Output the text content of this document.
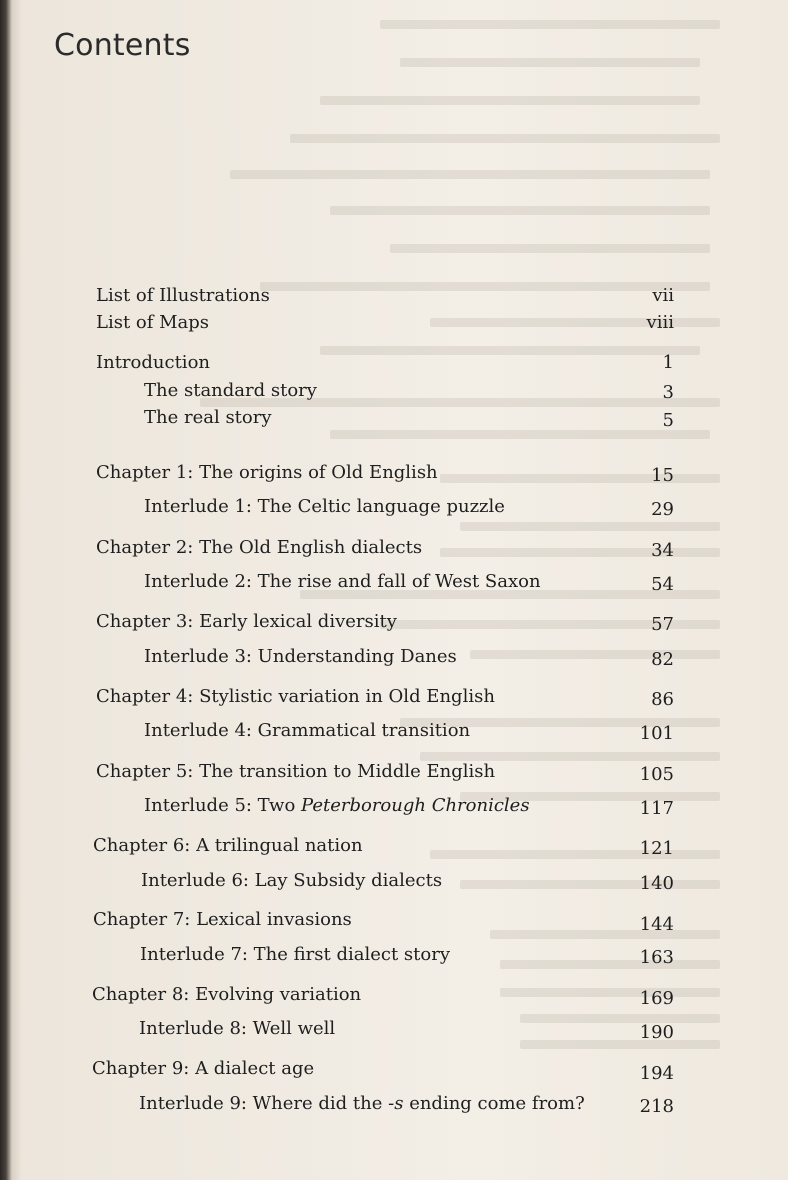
Contents
List of Illustrations	vii
List of Maps	viii
Introduction	1
The standard story	3
The real story	5
Chapter 1: The origins of Old English	15
Interlude 1: The Celtic language puzzle	29
Chapter 2: The Old English dialects	34
Interlude 2: The rise and fall of West Saxon	54
Chapter 3: Early lexical diversity	57
Interlude 3: Understanding Danes	82
Chapter 4: Stylistic variation in Old English	86
Interlude 4: Grammatical transition	101
Chapter 5: The transition to Middle English	105
Interlude 5: Two Peterborough Chronicles	117
Chapter 6: A trilingual nation	121
Interlude 6: Lay Subsidy dialects	140
Chapter 7: Lexical invasions	144
Interlude 7: The first dialect story	163
Chapter 8: Evolving variation	169
Interlude 8: Well well	190
Chapter 9: A dialect age	194
Interlude 9: Where did the -s ending come from?	218
